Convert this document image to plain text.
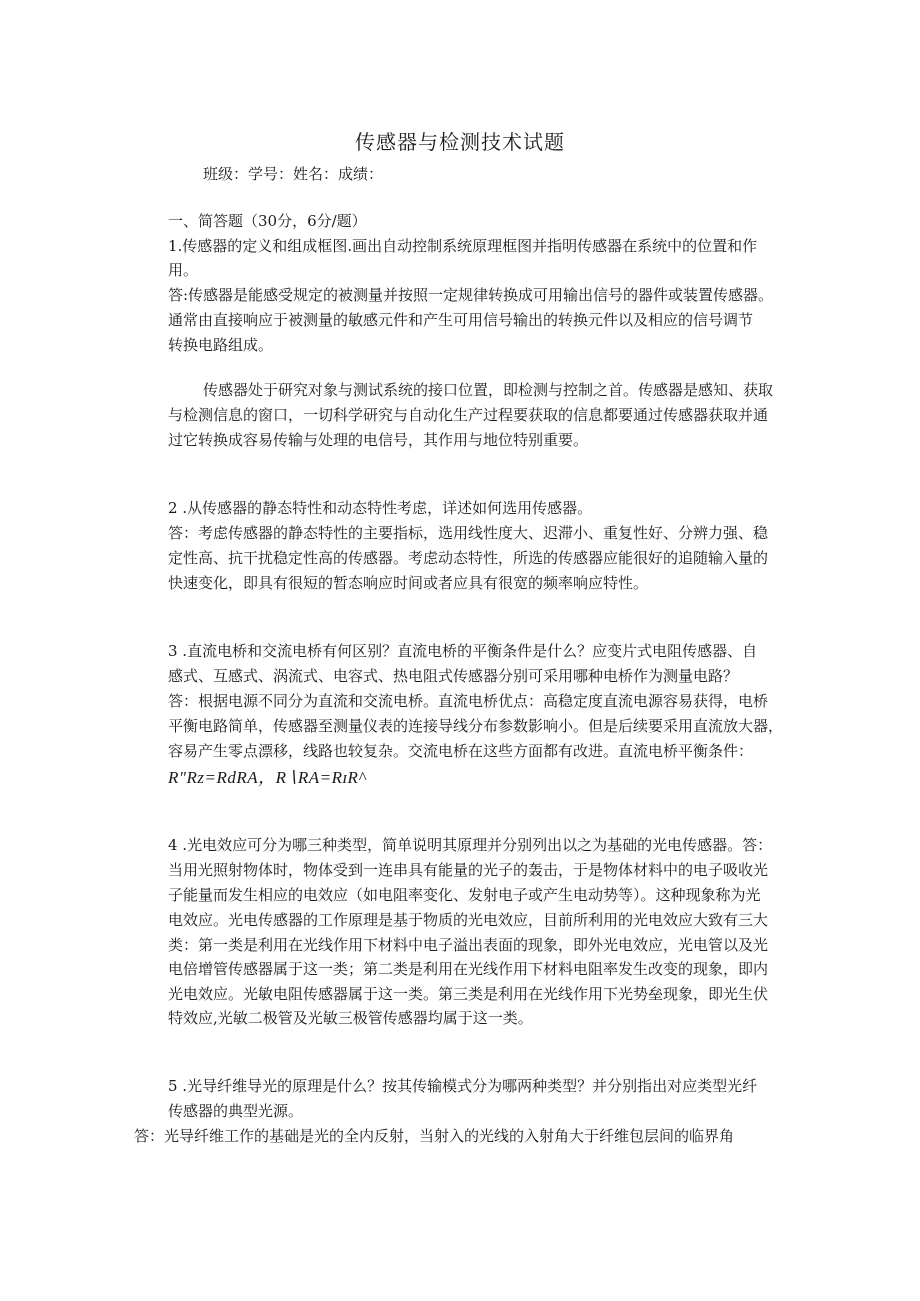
传感器与检测技术试题

班级：学号：姓名：成绩：

一、简答题（30分，6分/题）

1.传感器的定义和组成框图.画出自动控制系统原理框图并指明传感器在系统中的位置和作

用。

答:传感器是能感受规定的被测量并按照一定规律转换成可用输出信号的器件或装置传感器。

通常由直接响应于被测量的敏感元件和产生可用信号输出的转换元件以及相应的信号调节

转换电路组成。

传感器处于研究对象与测试系统的接口位置，即检测与控制之首。传感器是感知、获取

与检测信息的窗口，一切科学研究与自动化生产过程要获取的信息都要通过传感器获取并通

过它转换成容易传输与处理的电信号，其作用与地位特别重要。

2 .从传感器的静态特性和动态特性考虑，详述如何选用传感器。

答：考虑传感器的静态特性的主要指标，选用线性度大、迟滞小、重复性好、分辨力强、稳

定性高、抗干扰稳定性高的传感器。考虑动态特性，所选的传感器应能很好的追随输入量的

快速变化，即具有很短的暂态响应时间或者应具有很宽的频率响应特性。

3 .直流电桥和交流电桥有何区别？直流电桥的平衡条件是什么？应变片式电阻传感器、自

感式、互感式、涡流式、电容式、热电阻式传感器分别可采用哪种电桥作为测量电路？

答：根据电源不同分为直流和交流电桥。直流电桥优点：高稳定度直流电源容易获得，电桥

平衡电路简单，传感器至测量仪表的连接导线分布参数影响小。但是后续要采用直流放大器，

容易产生零点漂移，线路也较复杂。交流电桥在这些方面都有改进。直流电桥平衡条件：

R"Rz=RdRA，R∖RA=RɪR^

4 .光电效应可分为哪三种类型，简单说明其原理并分别列出以之为基础的光电传感器。答：

当用光照射物体时，物体受到一连串具有能量的光子的轰击，于是物体材料中的电子吸收光

子能量而发生相应的电效应（如电阻率变化、发射电子或产生电动势等）。这种现象称为光

电效应。光电传感器的工作原理是基于物质的光电效应，目前所利用的光电效应大致有三大

类：第一类是利用在光线作用下材料中电子溢出表面的现象，即外光电效应，光电管以及光

电倍增管传感器属于这一类；第二类是利用在光线作用下材料电阻率发生改变的现象，即内

光电效应。光敏电阻传感器属于这一类。第三类是利用在光线作用下光势垒现象，即光生伏

特效应,光敏二极管及光敏三极管传感器均属于这一类。

5 .光导纤维导光的原理是什么？按其传输模式分为哪两种类型？并分别指出对应类型光纤

传感器的典型光源。

答：光导纤维工作的基础是光的全内反射，当射入的光线的入射角大于纤维包层间的临界角
